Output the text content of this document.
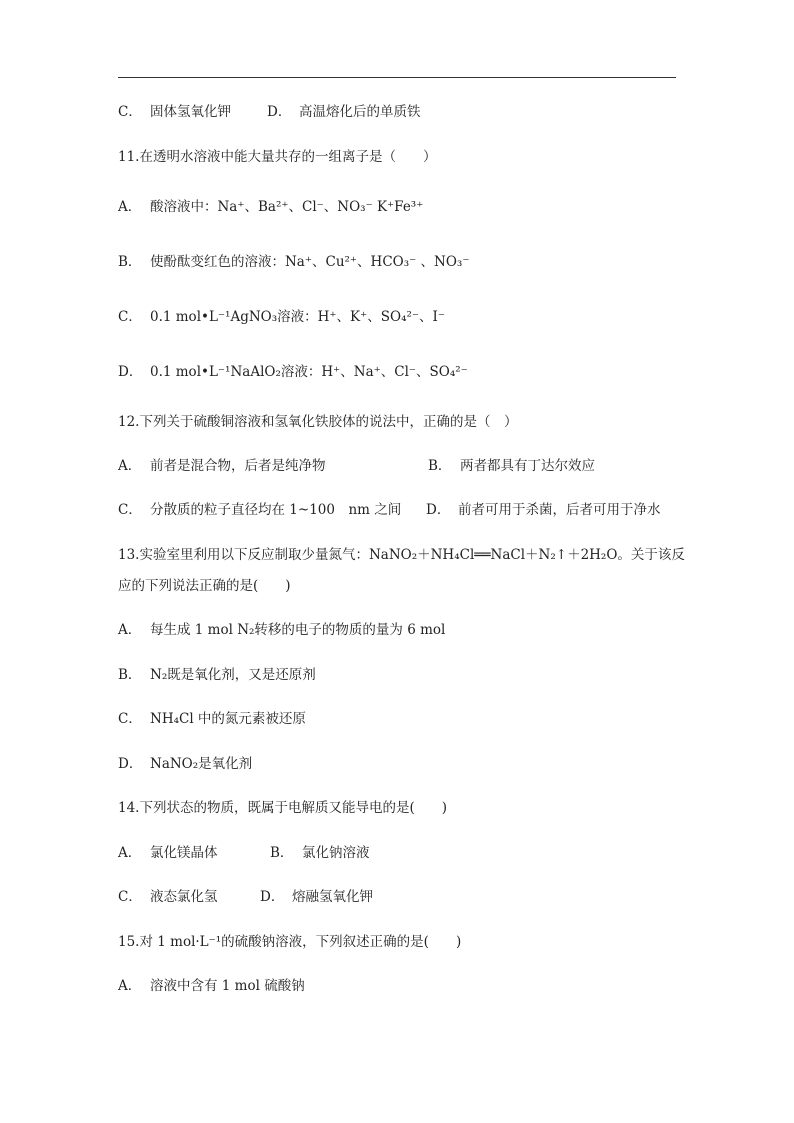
C． 固体氢氧化钾	D． 高温熔化后的单质铁
11.在透明水溶液中能大量共存的一组离子是（　　）
A． 酸溶液中：Na⁺、Ba²⁺、Cl⁻、NO₃⁻ K⁺Fe³⁺
B． 使酚酞变红色的溶液：Na⁺、Cu²⁺、HCO₃⁻ 、NO₃⁻
C． 0.1 mol•L⁻¹AgNO₃溶液：H⁺、K⁺、SO₄²⁻、I⁻
D． 0.1 mol•L⁻¹NaAlO₂溶液：H⁺、Na⁺、Cl⁻、SO₄²⁻
12.下列关于硫酸铜溶液和氢氧化铁胶体的说法中，正确的是（　）
A． 前者是混合物，后者是纯净物	B． 两者都具有丁达尔效应
C． 分散质的粒子直径均在 1~100　nm 之间 D． 前者可用于杀菌，后者可用于净水
13.实验室里利用以下反应制取少量氮气：NaNO₂＋NH₄Cl══NaCl＋N₂↑＋2H₂O。关于该反
应的下列说法正确的是(　　)
A． 每生成 1 mol N₂转移的电子的物质的量为 6 mol
B． N₂既是氧化剂，又是还原剂
C． NH₄Cl 中的氮元素被还原
D． NaNO₂是氧化剂
14.下列状态的物质，既属于电解质又能导电的是(　　)
A． 氯化镁晶体	B． 氯化钠溶液
C． 液态氯化氢	D． 熔融氢氧化钾
15.对 1 mol·L⁻¹的硫酸钠溶液，下列叙述正确的是(　　)
A． 溶液中含有 1 mol 硫酸钠
